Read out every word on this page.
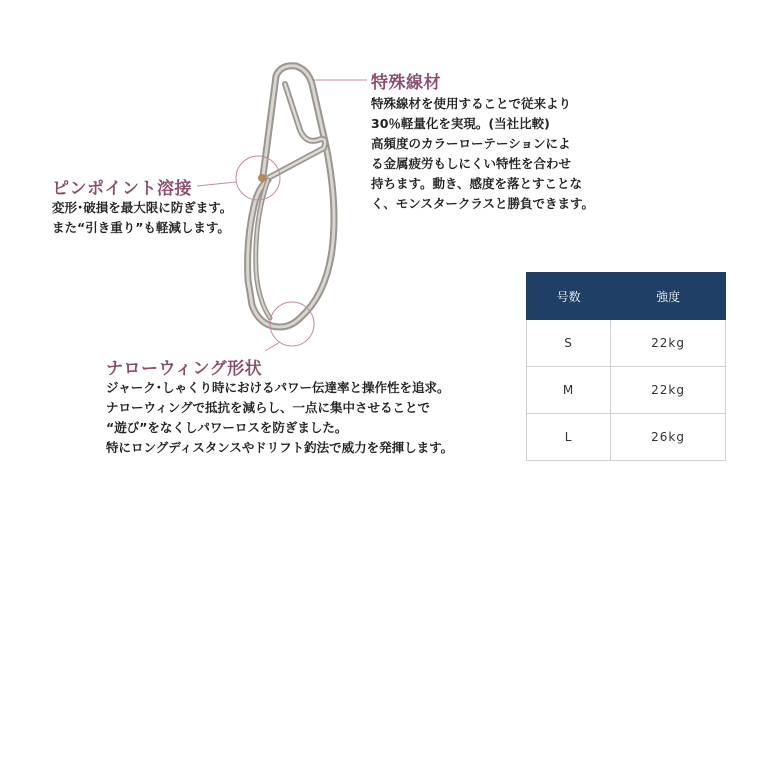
特殊線材
特殊線材を使用することで従来より
30％軽量化を実現。(当社比較)
高頻度のカラーローテーションによ
る金属疲労もしにくい特性を合わせ
持ちます。動き、感度を落とすことな
く、モンスタークラスと勝負できます。
ピンポイント溶接
変形･破損を最大限に防ぎます。
また“引き重り”も軽減します。
ナローウィング形状
ジャーク･しゃくり時におけるパワー伝達率と操作性を追求。
ナローウィングで抵抗を減らし、一点に集中させることで
“遊び”をなくしパワーロスを防ぎました。
特にロングディスタンスやドリフト釣法で威力を発揮します。
号数	強度
S	22kg
M	22kg
L	26kg
